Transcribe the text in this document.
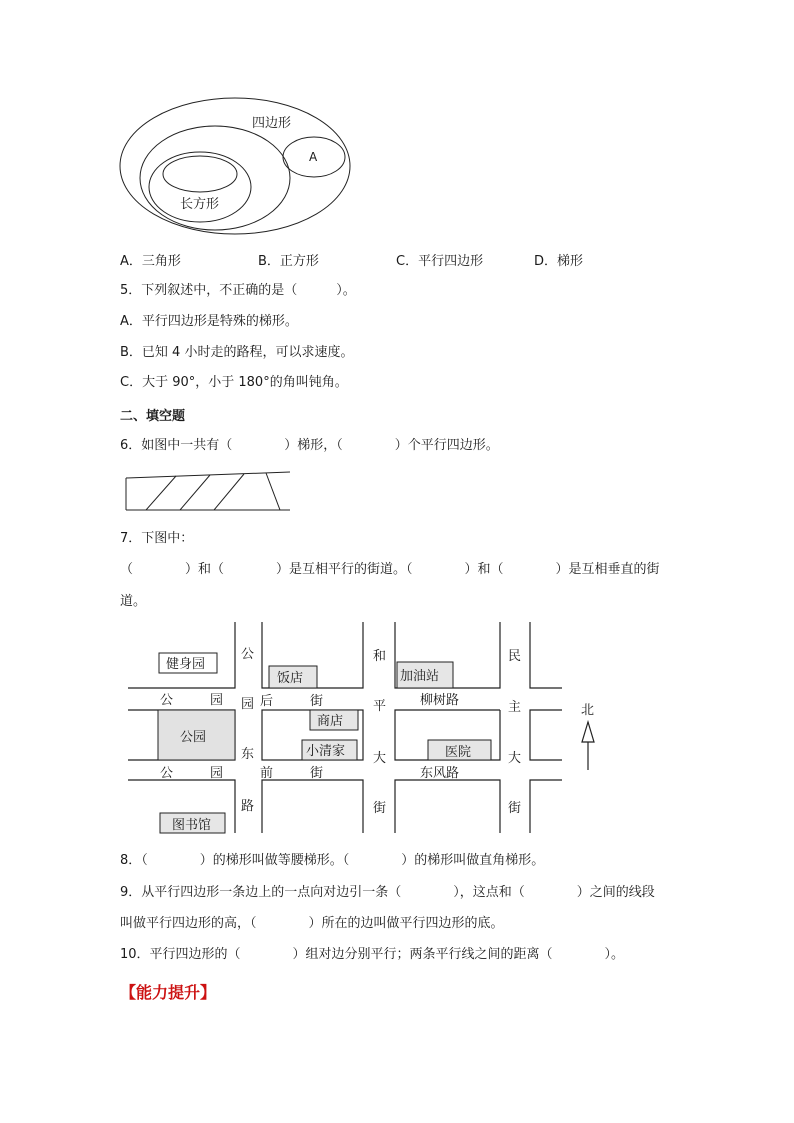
四边形
长方形
A
A．三角形	B．正方形	C．平行四边形	D．梯形
5．下列叙述中，不正确的是（　　　）。
A．平行四边形是特殊的梯形。
B．已知 4 小时走的路程，可以求速度。
C．大于 90°，小于 180°的角叫钝角。
二、填空题
6．如图中一共有（　　　　）梯形，（　　　　）个平行四边形。
7．下图中：
（　　　　）和（　　　　）是互相平行的街道。（　　　　）和（　　　　）是互相垂直的街
道。
健身园
饭店	加油站
公园
商店
小清家	医院
图书馆
公	园
公	园
公
园
东
路
后	街
前	街
和
平
大
街
柳树路
东风路
民
主
大
街
北
8．（　　　　）的梯形叫做等腰梯形。（　　　　）的梯形叫做直角梯形。
9．从平行四边形一条边上的一点向对边引一条（　　　　），这点和（　　　　）之间的线段
叫做平行四边形的高，（　　　　）所在的边叫做平行四边形的底。
10．平行四边形的（　　　　）组对边分别平行；两条平行线之间的距离（　　　　）。
【能力提升】
